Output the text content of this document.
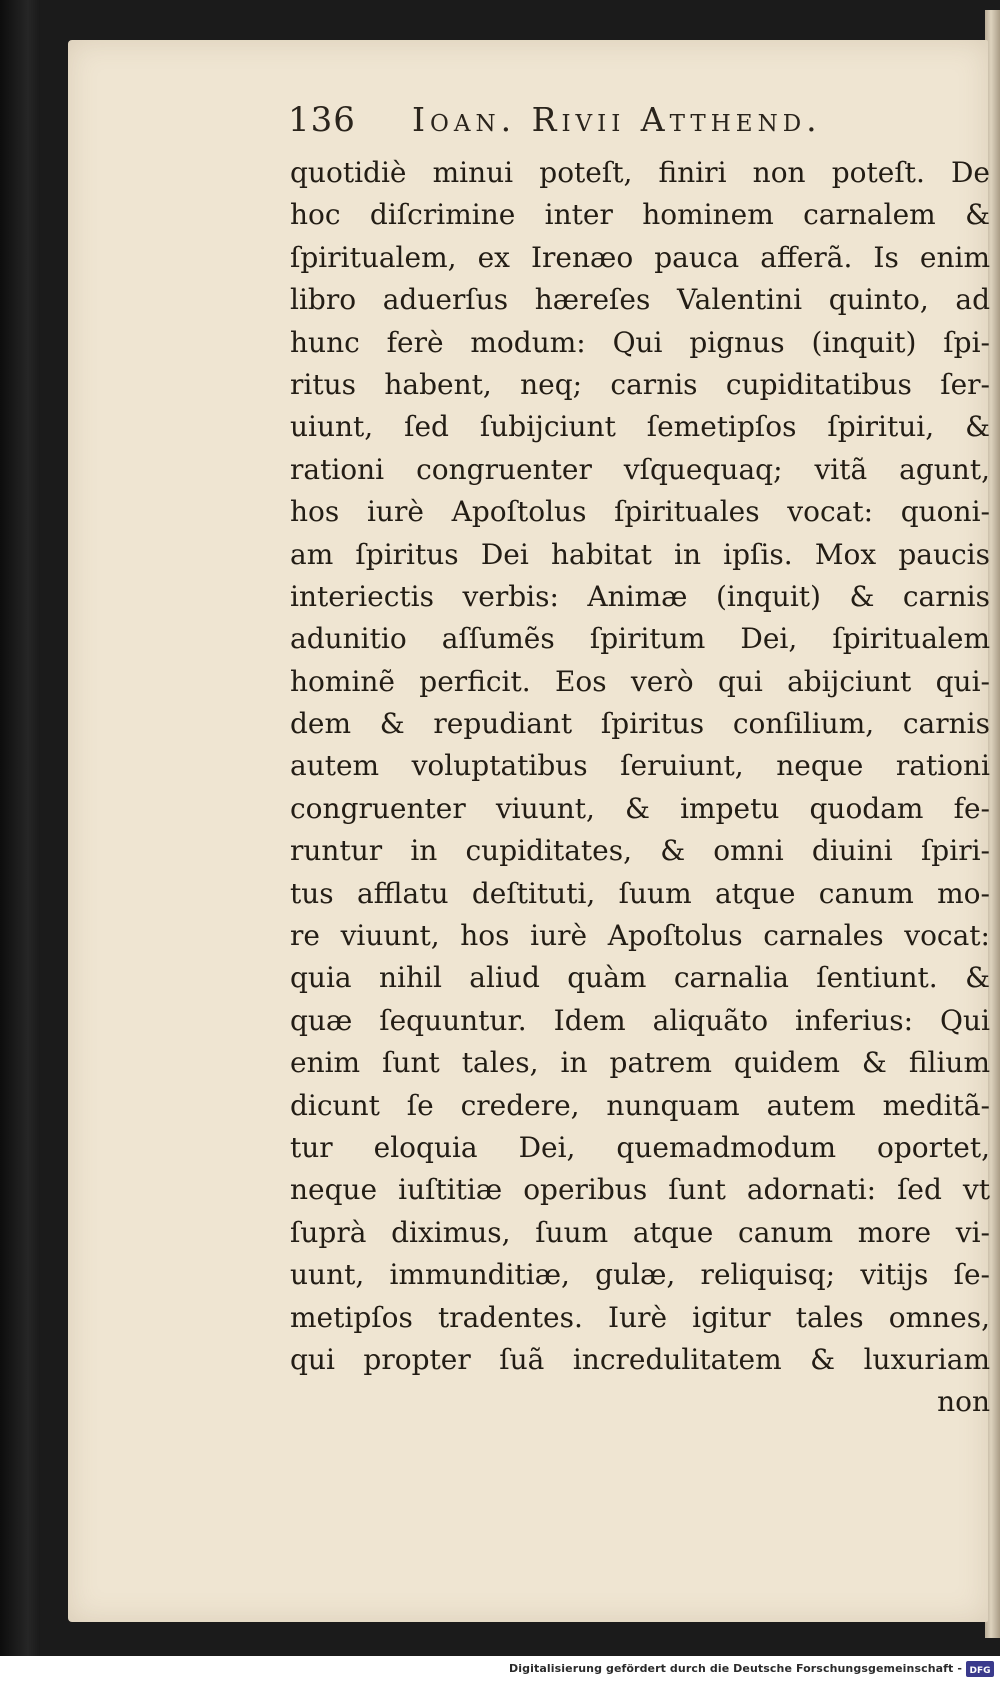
136 Ioan. Rivii Atthend.
quotidiè minui poteſt, finiri non poteſt. De
hoc diſcrimine inter hominem carnalem &
ſpiritualem, ex Irenæo pauca afferã. Is enim
libro aduerſus hæreſes Valentini quinto, ad
hunc ferè modum: Qui pignus (inquit) ſpi-
ritus habent, neq; carnis cupiditatibus ſer-
uiunt, ſed ſubijciunt ſemetipſos ſpiritui, &
rationi congruenter vſquequaq; vitã agunt,
hos iurè Apoſtolus ſpirituales vocat: quoni-
am ſpiritus Dei habitat in ipſis. Mox paucis
interiectis verbis: Animæ (inquit) & carnis
adunitio aſſumẽs ſpiritum Dei, ſpiritualem
hominẽ perficit. Eos verò qui abijciunt qui-
dem & repudiant ſpiritus conſilium, carnis
autem voluptatibus ſeruiunt, neque rationi
congruenter viuunt, & impetu quodam fe-
runtur in cupiditates, & omni diuini ſpiri-
tus afflatu deſtituti, ſuum atque canum mo-
re viuunt, hos iurè Apoſtolus carnales vocat:
quia nihil aliud quàm carnalia ſentiunt. &
quæ ſequuntur. Idem aliquãto inferius: Qui
enim ſunt tales, in patrem quidem & filium
dicunt ſe credere, nunquam autem meditã-
tur eloquia Dei, quemadmodum oportet,
neque iuſtitiæ operibus ſunt adornati: ſed vt
ſuprà diximus, ſuum atque canum more vi-
uunt, immunditiæ, gulæ, reliquisq; vitijs ſe-
metipſos tradentes. Iurè igitur tales omnes,
qui propter ſuã incredulitatem & luxuriam
non
Digitalisierung gefördert durch die Deutsche Forschungsgemeinschaft - DFG
